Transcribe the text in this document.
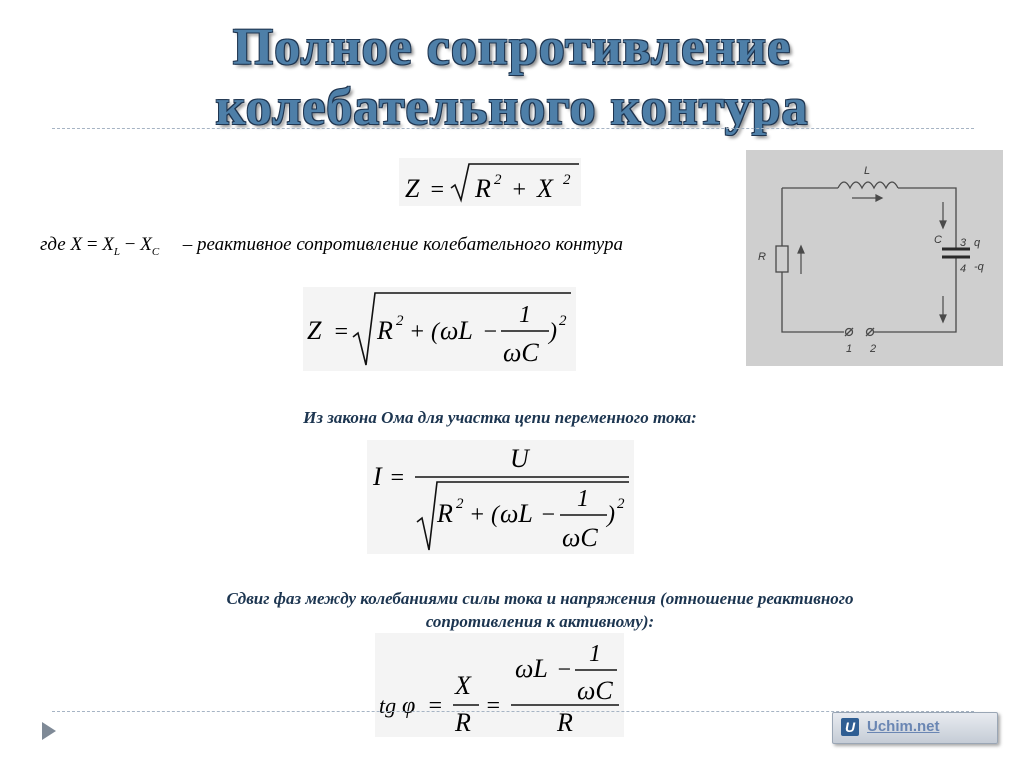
Полное сопротивление
колебательного контура
Z = R 2 + X 2
где $X = X_L - X_C$ – реактивное сопротивление колебательного контура
Z = R 2 + ( ωL −
1
ωC
) 2
Из закона Ома для участка цепи переменного тока:
I =
U
R 2 + ( ωL −
1
ωC
) 2
Сдвиг фаз между колебаниями силы тока и напряжения (отношение реактивного
сопротивления к активному):
tg φ =
X
R
=
ωL −
1
ωC
R
L
C
R
3 q
4 -q
1 2
U Uchim.net
